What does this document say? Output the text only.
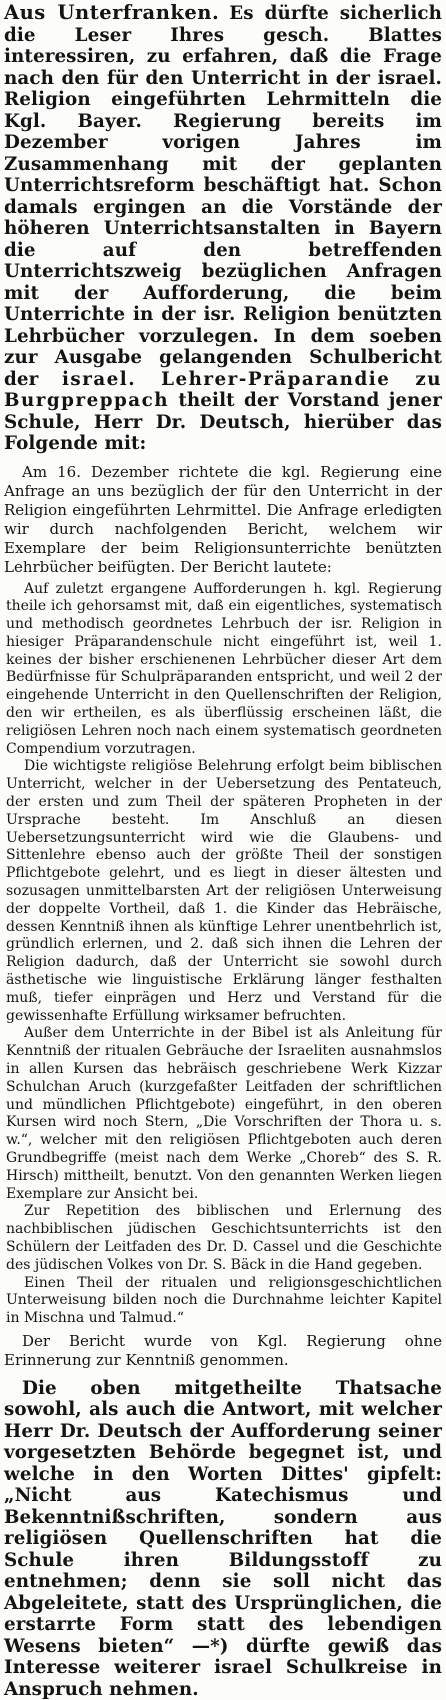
Aus Unterfranken. Es dürfte sicherlich die Leser Ihres gesch. Blattes interessiren, zu erfahren, daß die Frage nach den für den Unterricht in der israel. Religion eingeführten Lehrmitteln die Kgl. Bayer. Regierung bereits im Dezember vorigen Jahres im Zusammenhang mit der geplanten Unterrichtsreform beschäftigt hat. Schon damals ergingen an die Vorstände der höheren Unterrichtsanstalten in Bayern die auf den betreffenden Unterrichtszweig bezüglichen Anfragen mit der Aufforderung, die beim Unterrichte in der isr. Religion benützten Lehrbücher vorzulegen. In dem soeben zur Ausgabe gelangenden Schulbericht der israel. Lehrer-Präparandie zu Burgpreppach theilt der Vorstand jener Schule, Herr Dr. Deutsch, hierüber das Folgende mit:
Am 16. Dezember richtete die kgl. Regierung eine Anfrage an uns bezüglich der für den Unterricht in der Religion eingeführten Lehrmittel. Die Anfrage erledigten wir durch nachfolgenden Bericht, welchem wir Exemplare der beim Religionsunterrichte benützten Lehrbücher beifügten. Der Bericht lautete:
Auf zuletzt ergangene Aufforderungen h. kgl. Regierung theile ich gehorsamst mit, daß ein eigentliches, systematisch und methodisch geordnetes Lehrbuch der isr. Religion in hiesiger Präparandenschule nicht eingeführt ist, weil 1. keines der bisher erschienenen Lehrbücher dieser Art dem Bedürfnisse für Schulpräparanden entspricht, und weil 2 der eingehende Unterricht in den Quellenschriften der Religion, den wir ertheilen, es als überflüssig erscheinen läßt, die religiösen Lehren noch nach einem systematisch geordneten Compendium vorzutragen.
Die wichtigste religiöse Belehrung erfolgt beim biblischen Unterricht, welcher in der Uebersetzung des Pentateuch, der ersten und zum Theil der späteren Propheten in der Ursprache besteht. Im Anschluß an diesen Uebersetzungsunterricht wird wie die Glaubens- und Sittenlehre ebenso auch der größte Theil der sonstigen Pflichtgebote gelehrt, und es liegt in dieser ältesten und sozusagen unmittelbarsten Art der religiösen Unterweisung der doppelte Vortheil, daß 1. die Kinder das Hebräische, dessen Kenntniß ihnen als künftige Lehrer unentbehrlich ist, gründlich erlernen, und 2. daß sich ihnen die Lehren der Religion dadurch, daß der Unterricht sie sowohl durch ästhetische wie linguistische Erklärung länger festhalten muß, tiefer einprägen und Herz und Verstand für die gewissenhafte Erfüllung wirksamer befruchten.
Außer dem Unterrichte in der Bibel ist als Anleitung für Kenntniß der ritualen Gebräuche der Israeliten ausnahmslos in allen Kursen das hebräisch geschriebene Werk Kizzar Schulchan Aruch (kurzgefaßter Leitfaden der schriftlichen und mündlichen Pflichtgebote) eingeführt, in den oberen Kursen wird noch Stern, „Die Vorschriften der Thora u. s. w.“, welcher mit den religiösen Pflichtgeboten auch deren Grundbegriffe (meist nach dem Werke „Choreb“ des S. R. Hirsch) mittheilt, benutzt. Von den genannten Werken liegen Exemplare zur Ansicht bei.
Zur Repetition des biblischen und Erlernung des nachbiblischen jüdischen Geschichtsunterrichts ist den Schülern der Leitfaden des Dr. D. Cassel und die Geschichte des jüdischen Volkes von Dr. S. Bäck in die Hand gegeben.
Einen Theil der ritualen und religionsgeschichtlichen Unterweisung bilden noch die Durchnahme leichter Kapitel in Mischna und Talmud.“
Der Bericht wurde von Kgl. Regierung ohne Erinnerung zur Kenntniß genommen.
Die oben mitgetheilte Thatsache sowohl, als auch die Antwort, mit welcher Herr Dr. Deutsch der Aufforderung seiner vorgesetzten Behörde begegnet ist, und welche in den Worten Dittes' gipfelt: „Nicht aus Katechismus und Bekenntnißschriften, sondern aus religiösen Quellenschriften hat die Schule ihren Bildungsstoff zu entnehmen; denn sie soll nicht das Abgeleitete, statt des Ursprünglichen, die erstarrte Form statt des lebendigen Wesens bieten“ —*) dürfte gewiß das Interesse weiterer israel Schulkreise in Anspruch nehmen.
